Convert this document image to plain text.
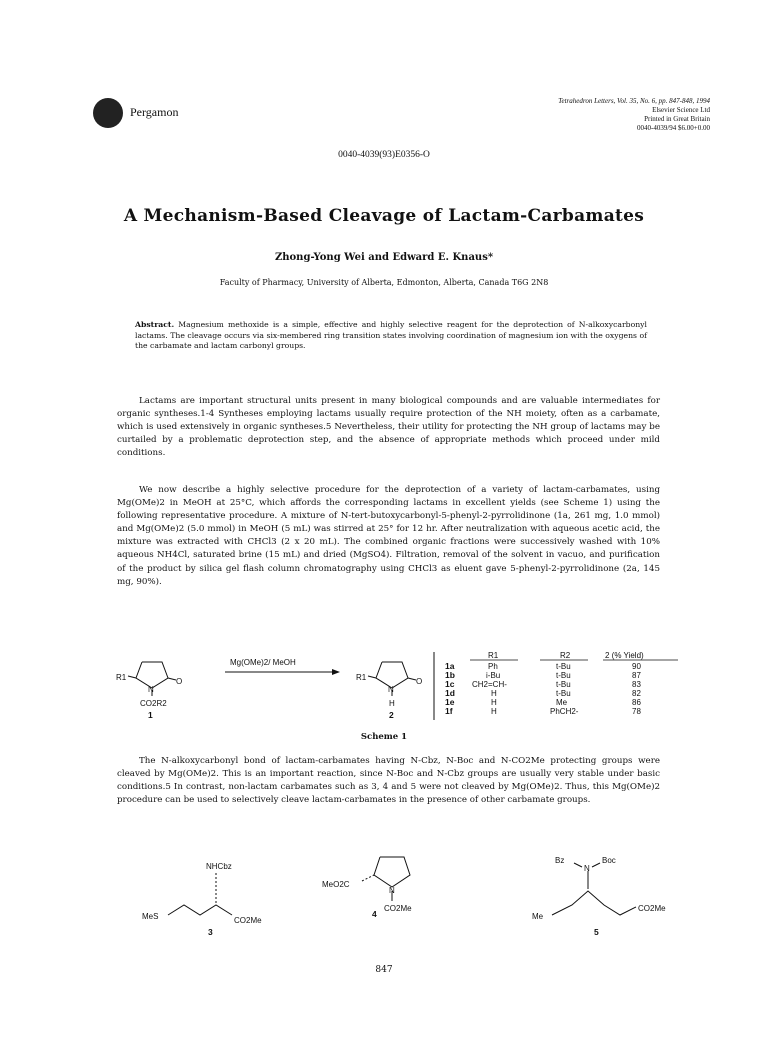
Pergamon
Tetrahedron Letters, Vol. 35, No. 6, pp. 847-848, 1994
Elsevier Science Ltd
Printed in Great Britain
0040-4039/94 $6.00+0.00
0040-4039(93)E0356-O
A Mechanism-Based Cleavage of Lactam-Carbamates
Zhong-Yong Wei and Edward E. Knaus*
Faculty of Pharmacy, University of Alberta, Edmonton, Alberta, Canada T6G 2N8
Abstract. Magnesium methoxide is a simple, effective and highly selective reagent for the deprotection of N-alkoxycarbonyl lactams. The cleavage occurs via six-membered ring transition states involving coordination of magnesium ion with the oxygens of the carbamate and lactam carbonyl groups.
Lactams are important structural units present in many biological compounds and are valuable intermediates for organic syntheses.1-4 Syntheses employing lactams usually require protection of the NH moiety, often as a carbamate, which is used extensively in organic syntheses.5 Nevertheless, their utility for protecting the NH group of lactams may be curtailed by a problematic deprotection step, and the absence of appropriate methods which proceed under mild conditions.
We now describe a highly selective procedure for the deprotection of a variety of lactam-carbamates, using Mg(OMe)2 in MeOH at 25°C, which affords the corresponding lactams in excellent yields (see Scheme 1) using the following representative procedure. A mixture of N-tert-butoxycarbonyl-5-phenyl-2-pyrrolidinone (1a, 261 mg, 1.0 mmol) and Mg(OMe)2 (5.0 mmol) in MeOH (5 mL) was stirred at 25° for 12 hr. After neutralization with aqueous acetic acid, the mixture was extracted with CHCl3 (2 x 20 mL). The combined organic fractions were successively washed with 10% aqueous NH4Cl, saturated brine (15 mL) and dried (MgSO4). Filtration, removal of the solvent in vacuo, and purification of the product by silica gel flash column chromatography using CHCl3 as eluent gave 5-phenyl-2-pyrrolidinone (2a, 145 mg, 90%).
R1
N
O
CO2R2
1
Mg(OMe)2/ MeOH
R1
N
O
H
2
R1	R2	2 (% Yield)
1a	Ph	t-Bu	90
1b	i-Bu	t-Bu	87
1c CH2=CH-	t-Bu	83
1d	H	t-Bu	82
1e	H	Me	86
1f	H	PhCH2-	78
Scheme 1
The N-alkoxycarbonyl bond of lactam-carbamates having N-Cbz, N-Boc and N-CO2Me protecting groups were cleaved by Mg(OMe)2. This is an important reaction, since N-Boc and N-Cbz groups are usually very stable under basic conditions.5 In contrast, non-lactam carbamates such as 3, 4 and 5 were not cleaved by Mg(OMe)2. Thus, this Mg(OMe)2 procedure can be used to selectively cleave lactam-carbamates in the presence of other carbamate groups.
NHCbz
MeS	CO2Me
3
MeO2C
N
CO2Me
4
Bz
N
Boc
Me
CO2Me
5
847
